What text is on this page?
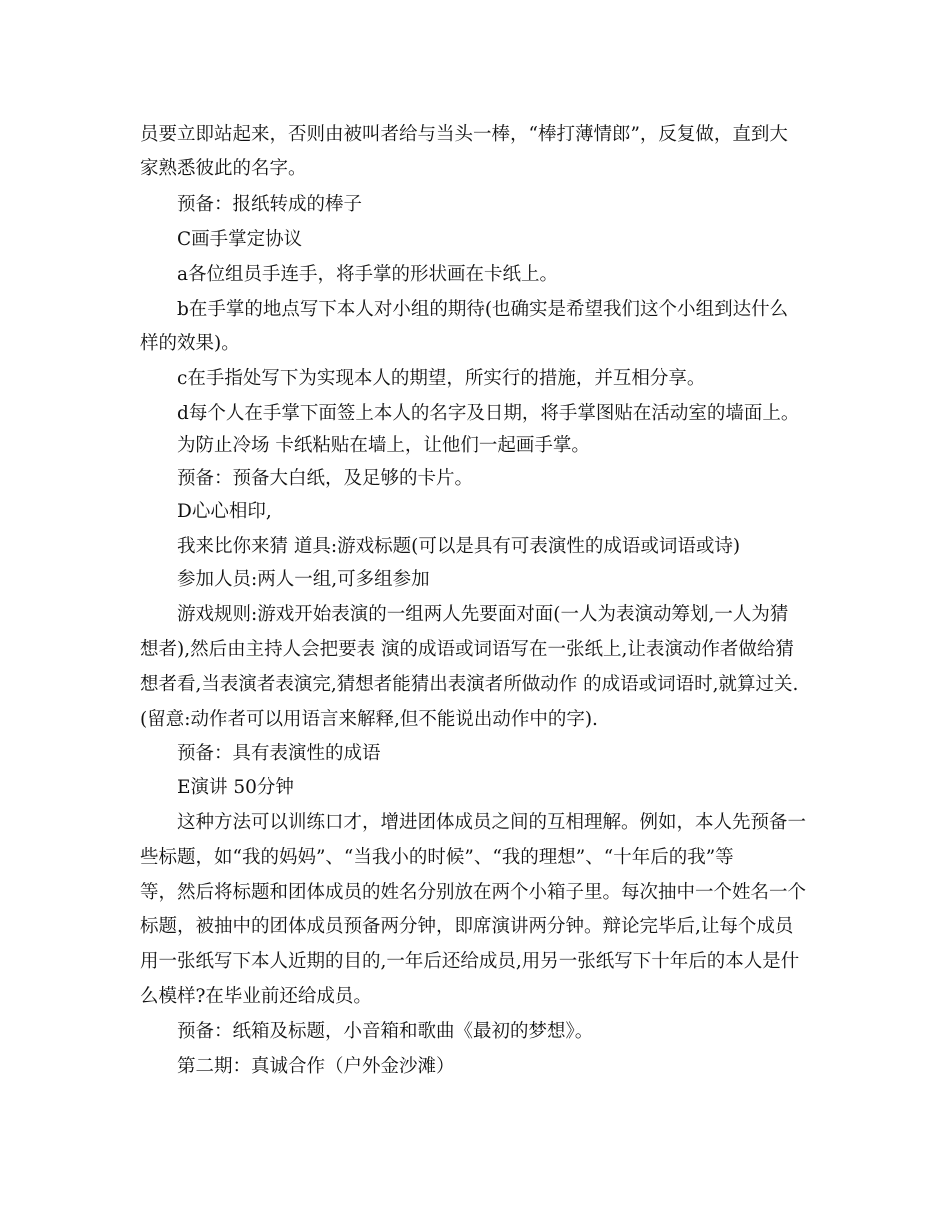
员要立即站起来，否则由被叫者给与当头一棒，“棒打薄情郎”，反复做，直到大
家熟悉彼此的名字。
预备：报纸转成的棒子
C画手掌定协议
a各位组员手连手，将手掌的形状画在卡纸上。
b在手掌的地点写下本人对小组的期待(也确实是希望我们这个小组到达什么
样的效果)。
c在手指处写下为实现本人的期望，所实行的措施，并互相分享。
d每个人在手掌下面签上本人的名字及日期，将手掌图贴在活动室的墙面上。
为防止冷场 卡纸粘贴在墙上，让他们一起画手掌。
预备：预备大白纸，及足够的卡片。
D心心相印,
我来比你来猜 道具:游戏标题(可以是具有可表演性的成语或词语或诗)
参加人员:两人一组,可多组参加
游戏规则:游戏开始表演的一组两人先要面对面(一人为表演动筹划,一人为猜
想者),然后由主持人会把要表 演的成语或词语写在一张纸上,让表演动作者做给猜
想者看,当表演者表演完,猜想者能猜出表演者所做动作 的成语或词语时,就算过关.
(留意:动作者可以用语言来解释,但不能说出动作中的字).
预备：具有表演性的成语
E演讲 50分钟
这种方法可以训练口才，增进团体成员之间的互相理解。例如，本人先预备一
些标题，如“我的妈妈”、“当我小的时候”、“我的理想”、“十年后的我”等
等，然后将标题和团体成员的姓名分别放在两个小箱子里。每次抽中一个姓名一个
标题，被抽中的团体成员预备两分钟，即席演讲两分钟。辩论完毕后,让每个成员
用一张纸写下本人近期的目的,一年后还给成员,用另一张纸写下十年后的本人是什
么模样?在毕业前还给成员。
预备：纸箱及标题，小音箱和歌曲《最初的梦想》。
第二期：真诚合作（户外金沙滩）
